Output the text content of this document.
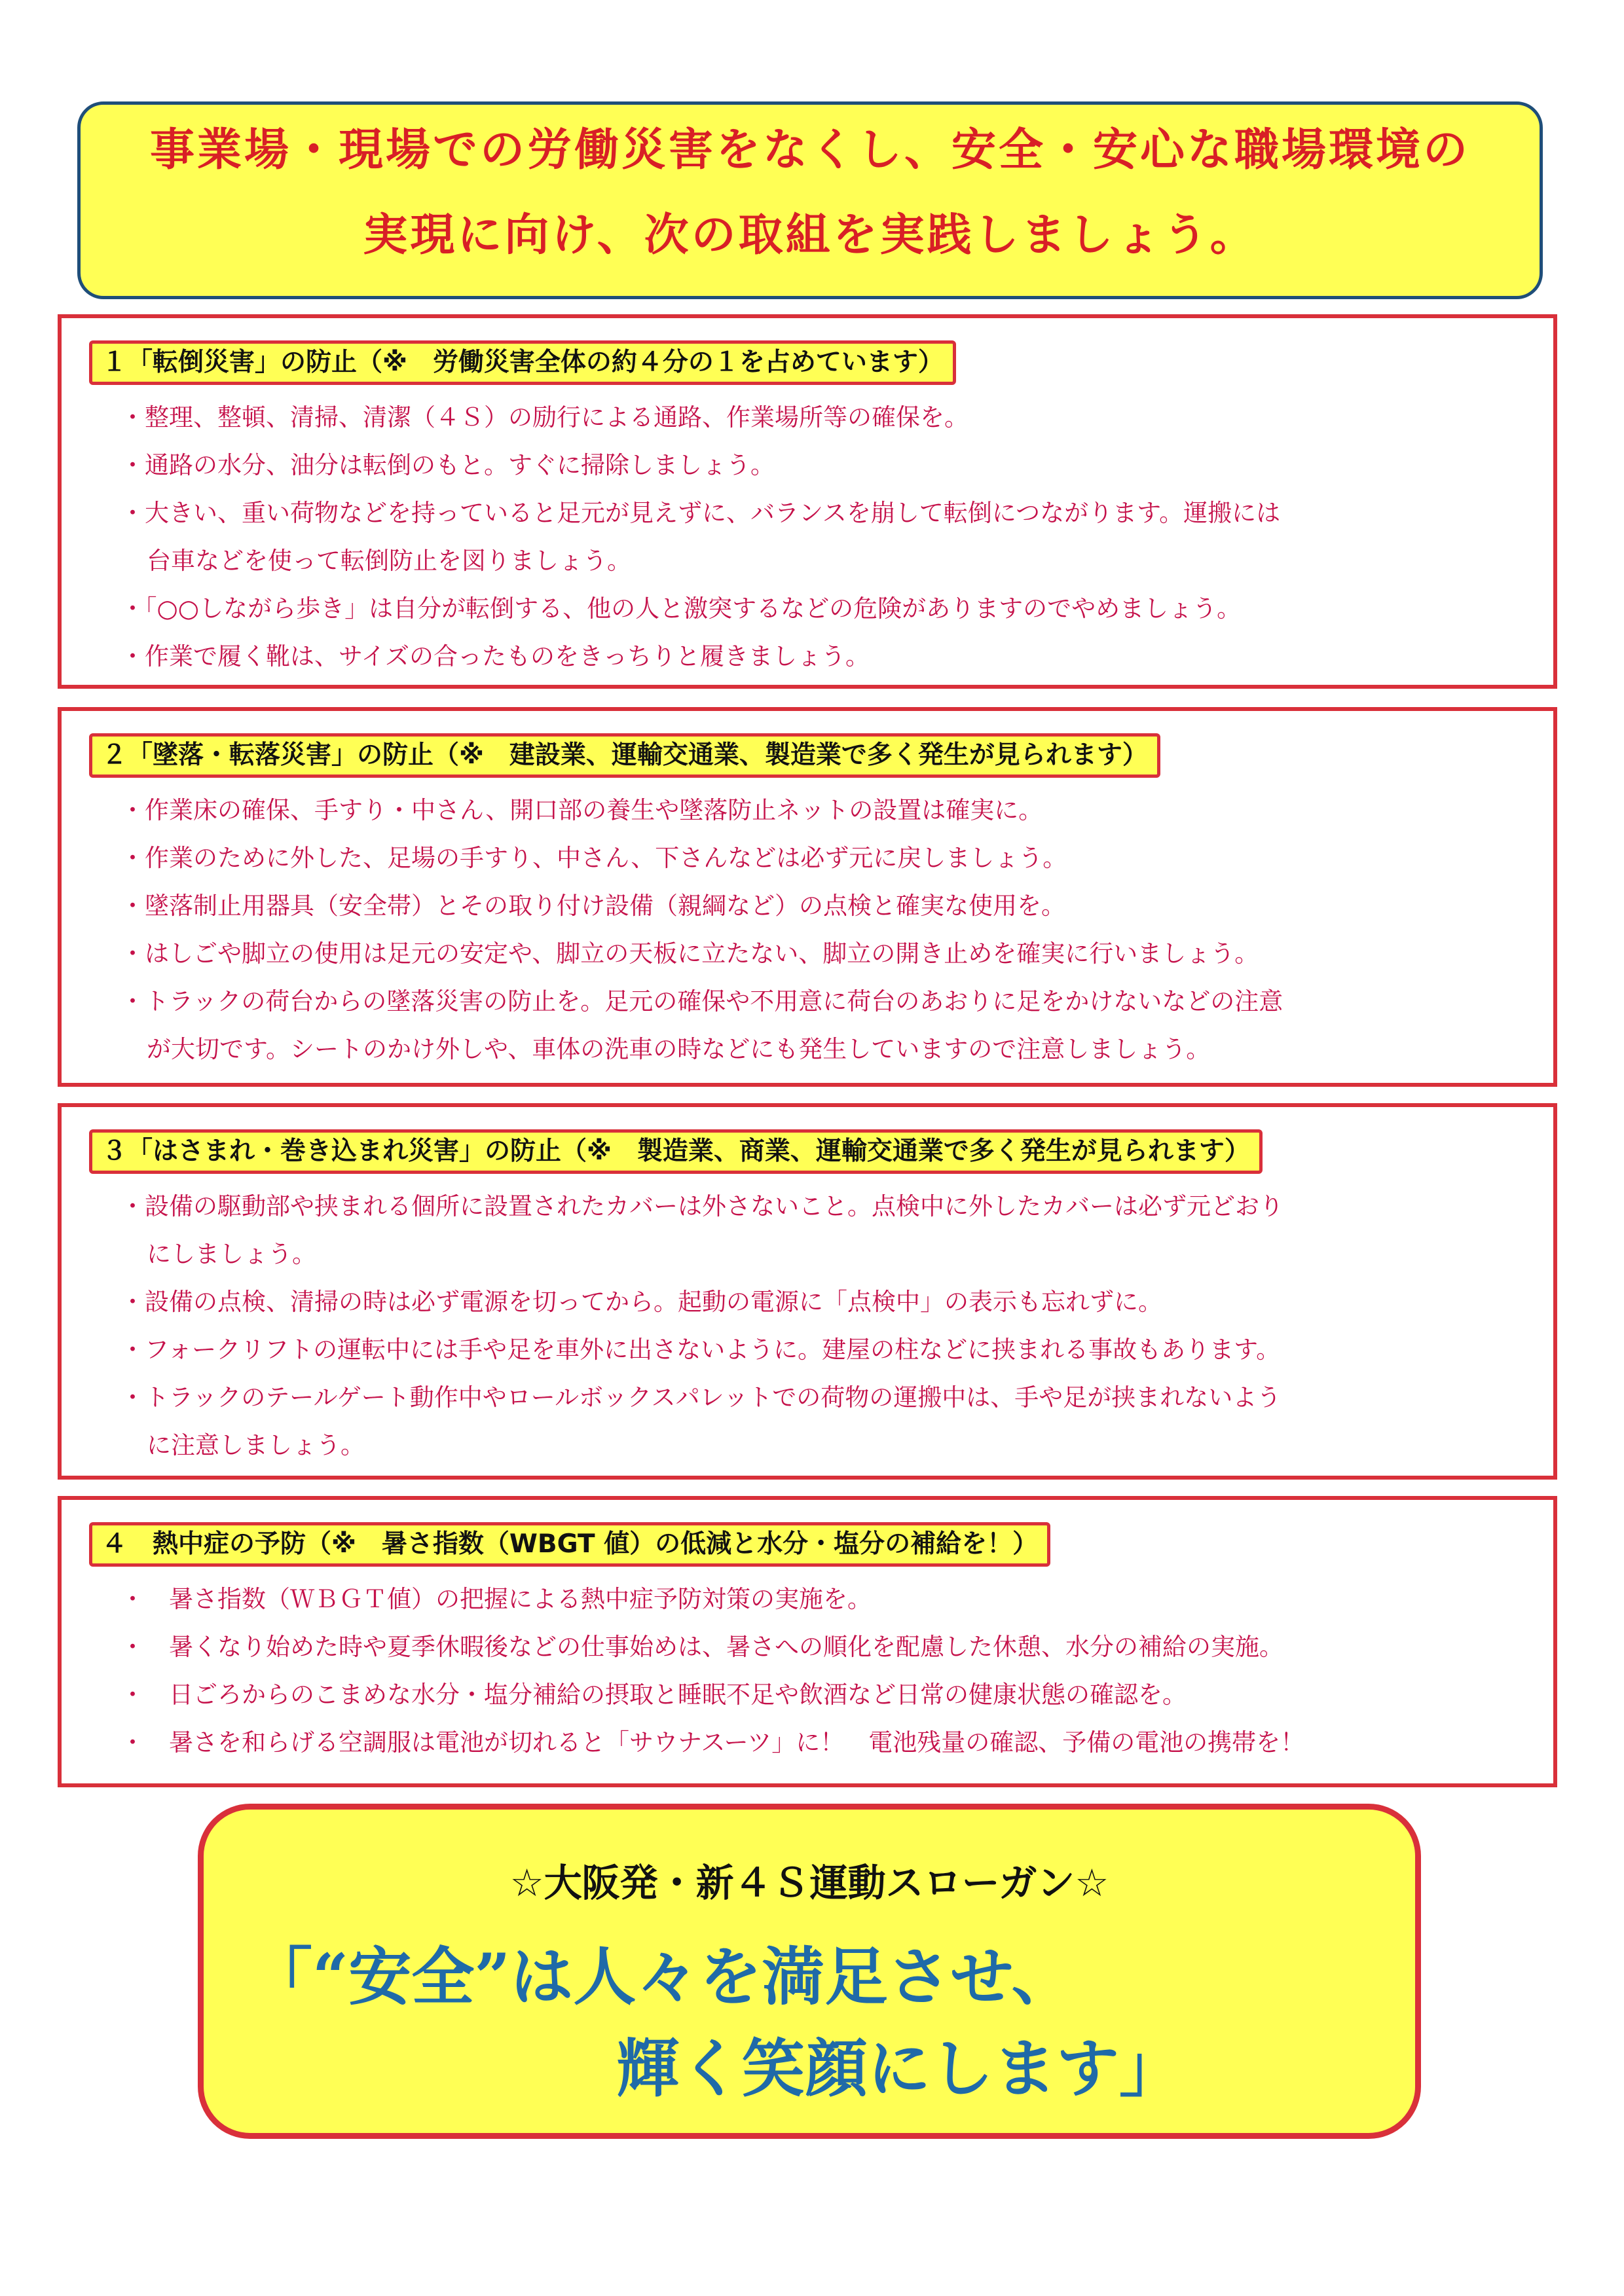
事業場・現場での労働災害をなくし、安全・安心な職場環境の
実現に向け、次の取組を実践しましょう。
１「転倒災害」の防止（※　労働災害全体の約４分の１を占めています）
・整理、整頓、清掃、清潔（４Ｓ）の励行による通路、作業場所等の確保を。
・通路の水分、油分は転倒のもと。すぐに掃除しましょう。
・大きい、重い荷物などを持っていると足元が見えずに、バランスを崩して転倒につながります。運搬には
台車などを使って転倒防止を図りましょう。
・「○○しながら歩き」は自分が転倒する、他の人と激突するなどの危険がありますのでやめましょう。
・作業で履く靴は、サイズの合ったものをきっちりと履きましょう。
２「墜落・転落災害」の防止（※　建設業、運輸交通業、製造業で多く発生が見られます）
・作業床の確保、手すり・中さん、開口部の養生や墜落防止ネットの設置は確実に。
・作業のために外した、足場の手すり、中さん、下さんなどは必ず元に戻しましょう。
・墜落制止用器具（安全帯）とその取り付け設備（親綱など）の点検と確実な使用を。
・はしごや脚立の使用は足元の安定や、脚立の天板に立たない、脚立の開き止めを確実に行いましょう。
・トラックの荷台からの墜落災害の防止を。足元の確保や不用意に荷台のあおりに足をかけないなどの注意
が大切です。シートのかけ外しや、車体の洗車の時などにも発生していますので注意しましょう。
３「はさまれ・巻き込まれ災害」の防止（※　製造業、商業、運輸交通業で多く発生が見られます）
・設備の駆動部や挟まれる個所に設置されたカバーは外さないこと。点検中に外したカバーは必ず元どおり
にしましょう。
・設備の点検、清掃の時は必ず電源を切ってから。起動の電源に「点検中」の表示も忘れずに。
・フォークリフトの運転中には手や足を車外に出さないように。建屋の柱などに挟まれる事故もあります。
・トラックのテールゲート動作中やロールボックスパレットでの荷物の運搬中は、手や足が挟まれないよう
に注意しましょう。
４　熱中症の予防（※　暑さ指数（WBGT 値）の低減と水分・塩分の補給を！）
・　暑さ指数（ＷＢＧＴ値）の把握による熱中症予防対策の実施を。
・　暑くなり始めた時や夏季休暇後などの仕事始めは、暑さへの順化を配慮した休憩、水分の補給の実施。
・　日ごろからのこまめな水分・塩分補給の摂取と睡眠不足や飲酒など日常の健康状態の確認を。
・　暑さを和らげる空調服は電池が切れると「サウナスーツ」に！　電池残量の確認、予備の電池の携帯を！
☆大阪発・新４Ｓ運動スローガン☆
「“安全”は人々を満足させ、
輝く笑顔にします」
